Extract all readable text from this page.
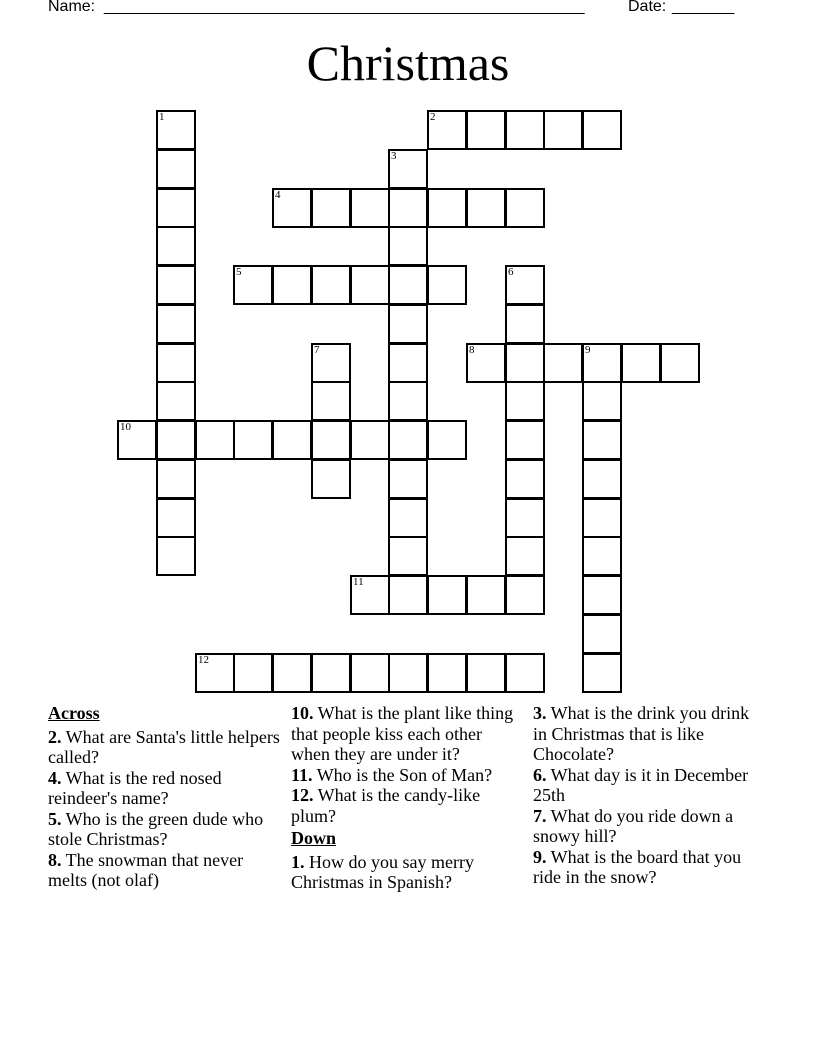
Name: ______________________________________________________	Date: _______
Christmas
1	2
3
4
5	6
7	8	9
10
11
12
Across
2. What are Santa's little helpers called?
4. What is the red nosed reindeer's name?
5. Who is the green dude who stole Christmas?
8. The snowman that never melts (not olaf)
10. What is the plant like thing that people kiss each other when they are under it?
11. Who is the Son of Man?
12. What is the candy-like plum?
Down
1. How do you say merry Christmas in Spanish?
3. What is the drink you drink in Christmas that is like Chocolate?
6. What day is it in December 25th
7. What do you ride down a snowy hill?
9. What is the board that you ride in the snow?
